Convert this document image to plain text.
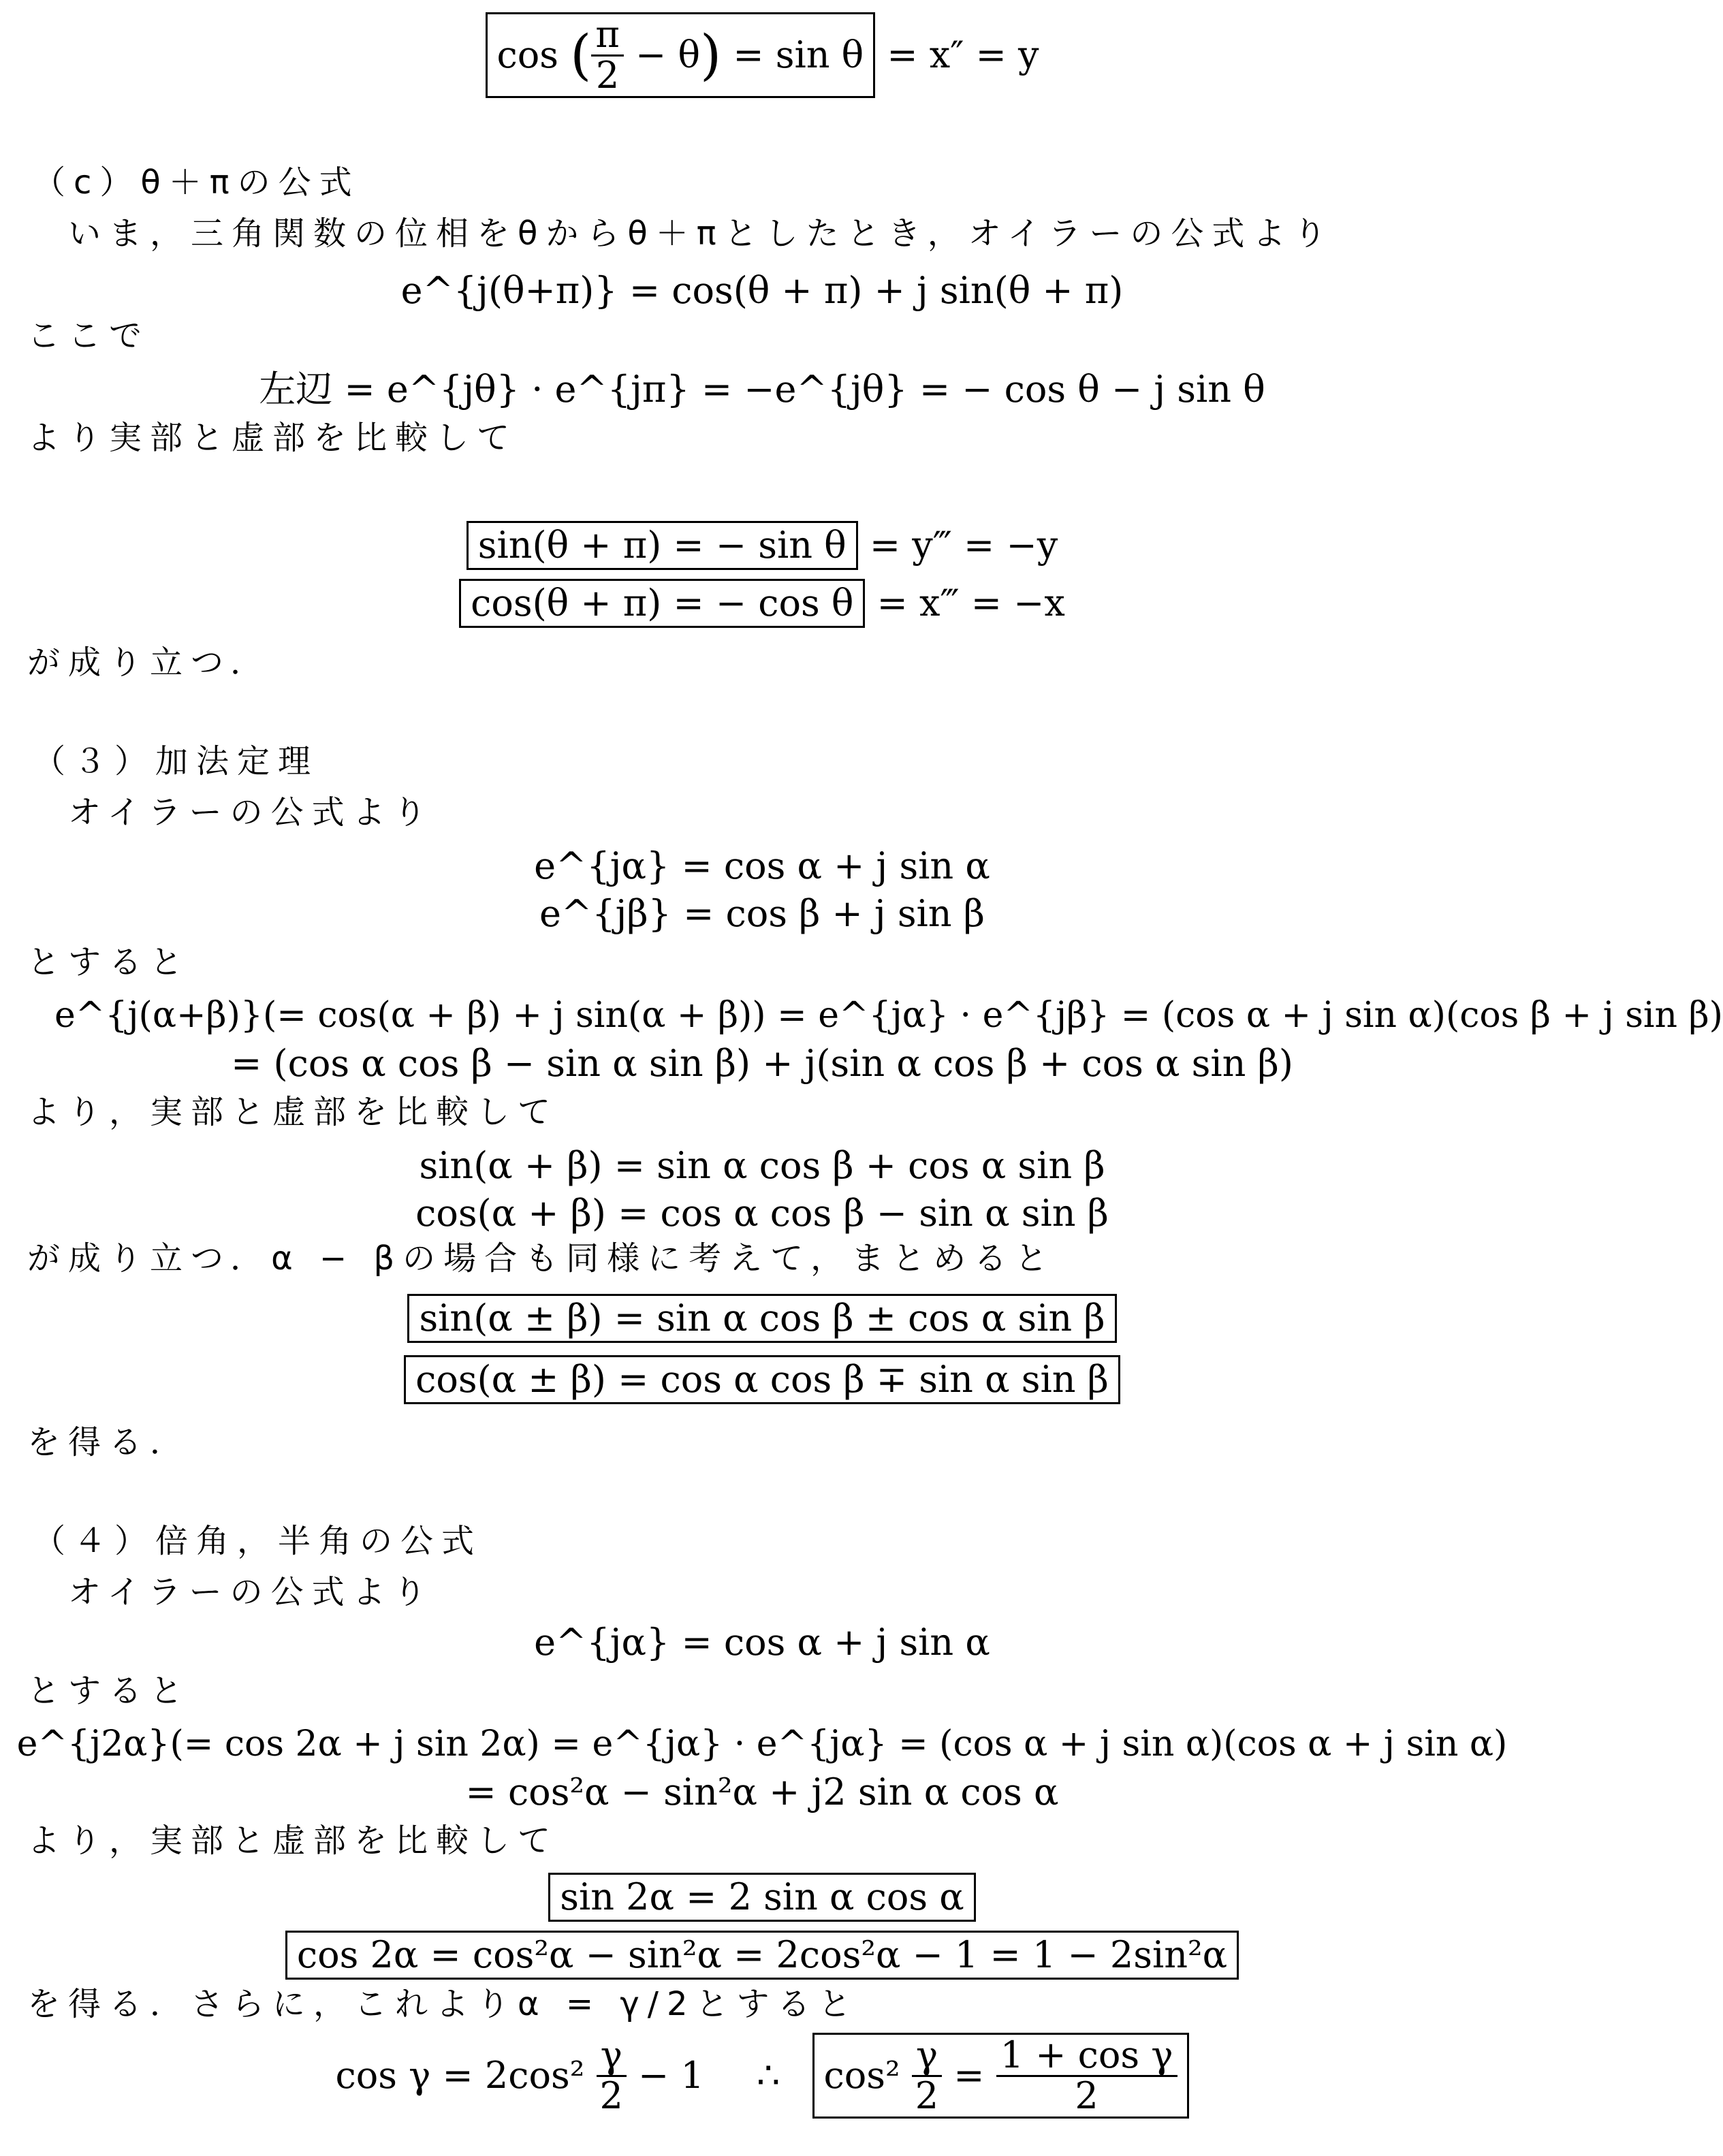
cos ( $\frac{\pi}{2} - \theta) = \sin \theta = x'' = y$
（c）θ＋πの公式
いま，三角関数の位相をθからθ＋πとしたとき，オイラーの公式より
e^{j(θ+π)} = cos(θ + π) + j sin(θ + π)
ここで
左辺 = e^{jθ} · e^{jπ} = −e^{jθ} = − cos θ − j sin θ
より実部と虚部を比較して
sin(θ + π) = − sin θ = y‴ = −y
cos(θ + π) = − cos θ = x‴ = −x
が成り立つ．
（３）加法定理
オイラーの公式より
e^{jα} = cos α + j sin α
e^{jβ} = cos β + j sin β
とすると
e^{j(α+β)}(= cos(α + β) + j sin(α + β)) = e^{jα} · e^{jβ} = (cos α + j sin α)(cos β + j sin β)
= (cos α cos β − sin α sin β) + j(sin α cos β + cos α sin β)
より，実部と虚部を比較して
sin(α + β) = sin α cos β + cos α sin β
cos(α + β) = cos α cos β − sin α sin β
が成り立つ．α − βの場合も同様に考えて，まとめると
sin(α ± β) = sin α cos β ± cos α sin β
cos(α ± β) = cos α cos β ∓ sin α sin β
を得る．
（４）倍角，半角の公式
オイラーの公式より
e^{jα} = cos α + j sin α
とすると
e^{j2α}(= cos 2α + j sin 2α) = e^{jα} · e^{jα} = (cos α + j sin α)(cos α + j sin α)
= cos²α − sin²α + j2 sin α cos α
より，実部と虚部を比較して
sin 2α = 2 sin α cos α
cos 2α = cos²α − sin²α = 2cos²α − 1 = 1 − 2sin²α
を得る．さらに，これよりα = γ/2とすると
$\cos \gamma = 2\cos^2 \frac{\gamma}{2} - 1$ ∴ $\cos^2 \frac{\gamma}{2} = \frac{\text{1 + cos γ}}{2}$
